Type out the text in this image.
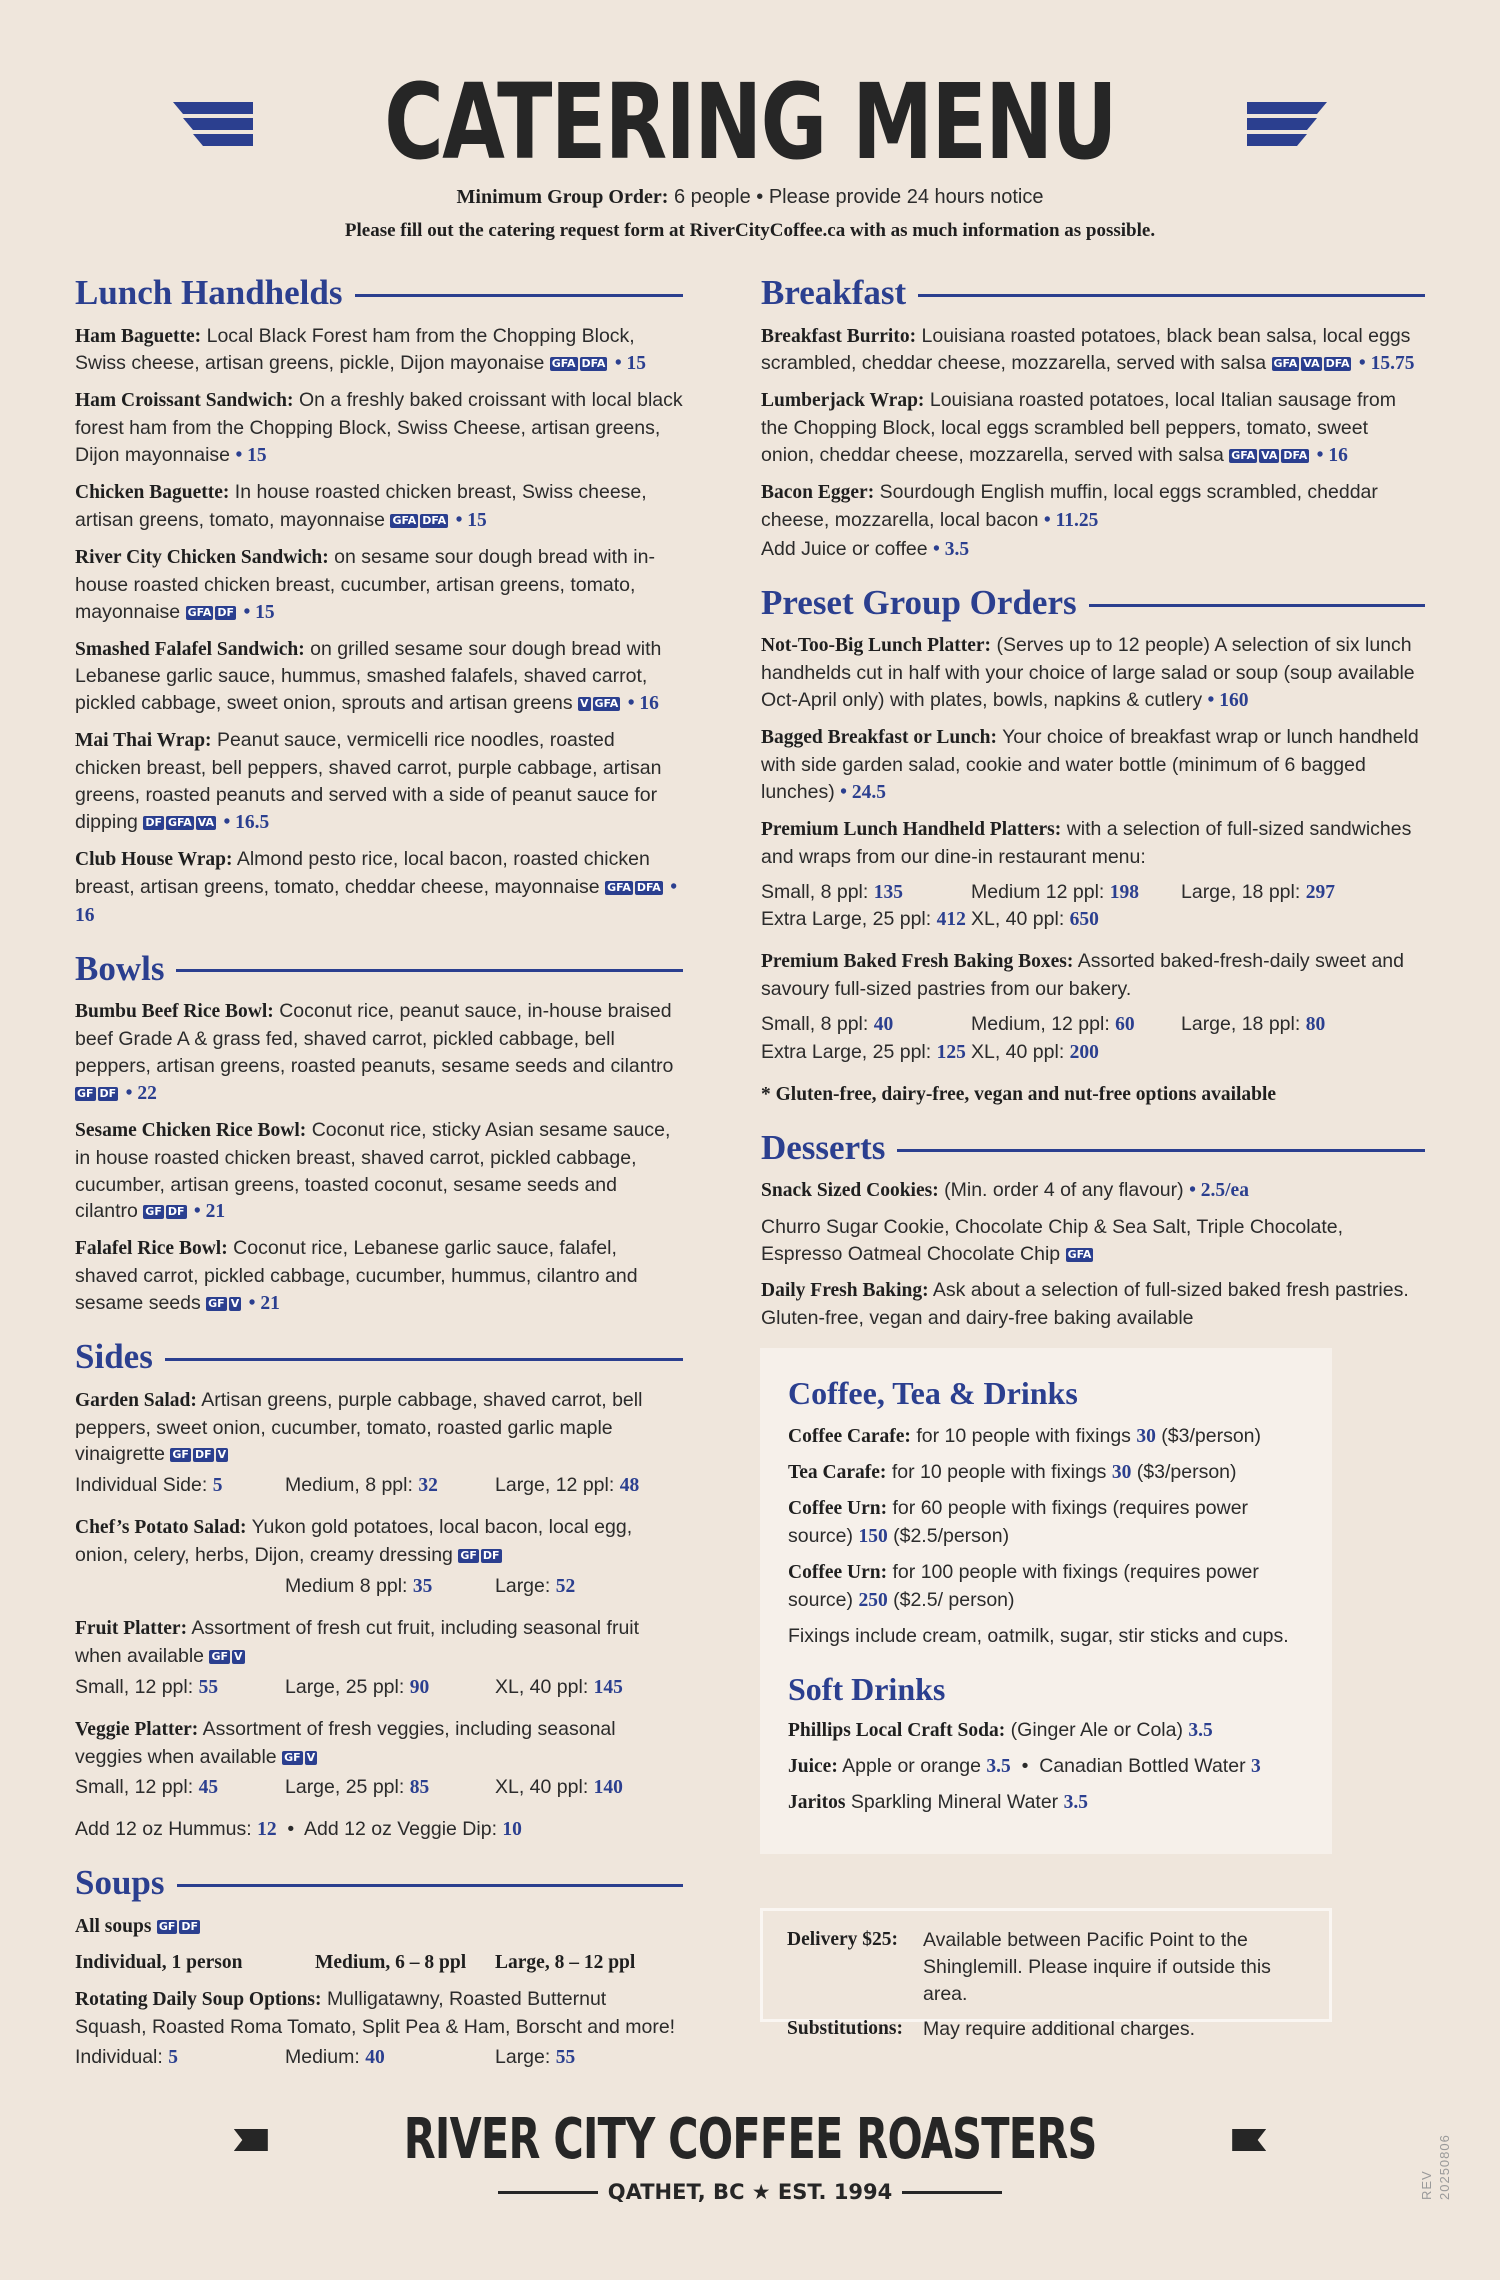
CATERING MENU
Minimum Group Order: 6 people • Please provide 24 hours notice
Please fill out the catering request form at RiverCityCoffee.ca with as much information as possible.
Lunch Handhelds
Ham Baguette: Local Black Forest ham from the Chopping Block, Swiss cheese, artisan greens, pickle, Dijon mayonaise GFA DFA • 15
Ham Croissant Sandwich: On a freshly baked croissant with local black forest ham from the Chopping Block, Swiss Cheese, artisan greens, Dijon mayonnaise • 15
Chicken Baguette: In house roasted chicken breast, Swiss cheese, artisan greens, tomato, mayonnaise GFA DFA • 15
River City Chicken Sandwich: on sesame sour dough bread with in-house roasted chicken breast, cucumber, artisan greens, tomato, mayonnaise GFA DF • 15
Smashed Falafel Sandwich: on grilled sesame sour dough bread with Lebanese garlic sauce, hummus, smashed falafels, shaved carrot, pickled cabbage, sweet onion, sprouts and artisan greens V GFA • 16
Mai Thai Wrap: Peanut sauce, vermicelli rice noodles, roasted chicken breast, bell peppers, shaved carrot, purple cabbage, artisan greens, roasted peanuts and served with a side of peanut sauce for dipping DF GFA VA • 16.5
Club House Wrap: Almond pesto rice, local bacon, roasted chicken breast, artisan greens, tomato, cheddar cheese, mayonnaise GFA DFA • 16
Bowls
Bumbu Beef Rice Bowl: Coconut rice, peanut sauce, in-house braised beef Grade A & grass fed, shaved carrot, pickled cabbage, bell peppers, artisan greens, roasted peanuts, sesame seeds and cilantro GF DF • 22
Sesame Chicken Rice Bowl: Coconut rice, sticky Asian sesame sauce, in house roasted chicken breast, shaved carrot, pickled cabbage, cucumber, artisan greens, toasted coconut, sesame seeds and cilantro GF DF • 21
Falafel Rice Bowl: Coconut rice, Lebanese garlic sauce, falafel, shaved carrot, pickled cabbage, cucumber, hummus, cilantro and sesame seeds GF V • 21
Sides
Garden Salad: Artisan greens, purple cabbage, shaved carrot, bell peppers, sweet onion, cucumber, tomato, roasted garlic maple vinaigrette GF DF V
Individual Side: 5	Medium, 8 ppl: 32	Large, 12 ppl: 48
Chef’s Potato Salad: Yukon gold potatoes, local bacon, local egg, onion, celery, herbs, Dijon, creamy dressing GF DF
Medium 8 ppl: 35	Large: 52
Fruit Platter: Assortment of fresh cut fruit, including seasonal fruit when available GF V
Small, 12 ppl: 55	Large, 25 ppl: 90	XL, 40 ppl: 145
Veggie Platter: Assortment of fresh veggies, including seasonal veggies when available GF V
Small, 12 ppl: 45	Large, 25 ppl: 85	XL, 40 ppl: 140
Add 12 oz Hummus: 12  •  Add 12 oz Veggie Dip: 10
Soups
All soups GF DF
Individual, 1 person	Medium, 6 – 8 ppl	Large, 8 – 12 ppl
Rotating Daily Soup Options: Mulligatawny, Roasted Butternut Squash, Roasted Roma Tomato, Split Pea & Ham, Borscht and more!
Individual: 5	Medium: 40	Large: 55
Breakfast
Breakfast Burrito: Louisiana roasted potatoes, black bean salsa, local eggs scrambled, cheddar cheese, mozzarella, served with salsa GFA VA DFA • 15.75
Lumberjack Wrap: Louisiana roasted potatoes, local Italian sausage from the Chopping Block, local eggs scrambled bell peppers, tomato, sweet onion, cheddar cheese, mozzarella, served with salsa GFA VA DFA • 16
Bacon Egger: Sourdough English muffin, local eggs scrambled, cheddar cheese, mozzarella, local bacon • 11.25
Add Juice or coffee • 3.5
Preset Group Orders
Not-Too-Big Lunch Platter: (Serves up to 12 people) A selection of six lunch handhelds cut in half with your choice of large salad or soup (soup available Oct-April only) with plates, bowls, napkins & cutlery • 160
Bagged Breakfast or Lunch: Your choice of breakfast wrap or lunch handheld with side garden salad, cookie and water bottle (minimum of 6 bagged lunches) • 24.5
Premium Lunch Handheld Platters: with a selection of full-sized sandwiches and wraps from our dine-in restaurant menu:
Small, 8 ppl: 135	Medium 12 ppl: 198	Large, 18 ppl: 297
Extra Large, 25 ppl: 412 XL, 40 ppl: 650
Premium Baked Fresh Baking Boxes: Assorted baked-fresh-daily sweet and savoury full-sized pastries from our bakery.
Small, 8 ppl: 40	Medium, 12 ppl: 60	Large, 18 ppl: 80
Extra Large, 25 ppl: 125 XL, 40 ppl: 200
* Gluten-free, dairy-free, vegan and nut-free options available
Desserts
Snack Sized Cookies: (Min. order 4 of any flavour) • 2.5/ea
Churro Sugar Cookie, Chocolate Chip & Sea Salt, Triple Chocolate, Espresso Oatmeal Chocolate Chip GFA
Daily Fresh Baking: Ask about a selection of full-sized baked fresh pastries. Gluten-free, vegan and dairy-free baking available
Coffee, Tea & Drinks
Coffee Carafe: for 10 people with fixings 30 ($3/person)
Tea Carafe: for 10 people with fixings 30 ($3/person)
Coffee Urn: for 60 people with fixings (requires power source) 150 ($2.5/person)
Coffee Urn: for 100 people with fixings (requires power source) 250 ($2.5/ person)
Fixings include cream, oatmilk, sugar, stir sticks and cups.
Soft Drinks
Phillips Local Craft Soda: (Ginger Ale or Cola) 3.5
Juice: Apple or orange 3.5  •  Canadian Bottled Water 3
Jaritos Sparkling Mineral Water 3.5
Delivery $25:	Available between Pacific Point to the Shinglemill. Please inquire if outside this area.
Substitutions:	May require additional charges.
RIVER CITY COFFEE ROASTERS
QATHET, BC ★ EST. 1994	REV 20250806
